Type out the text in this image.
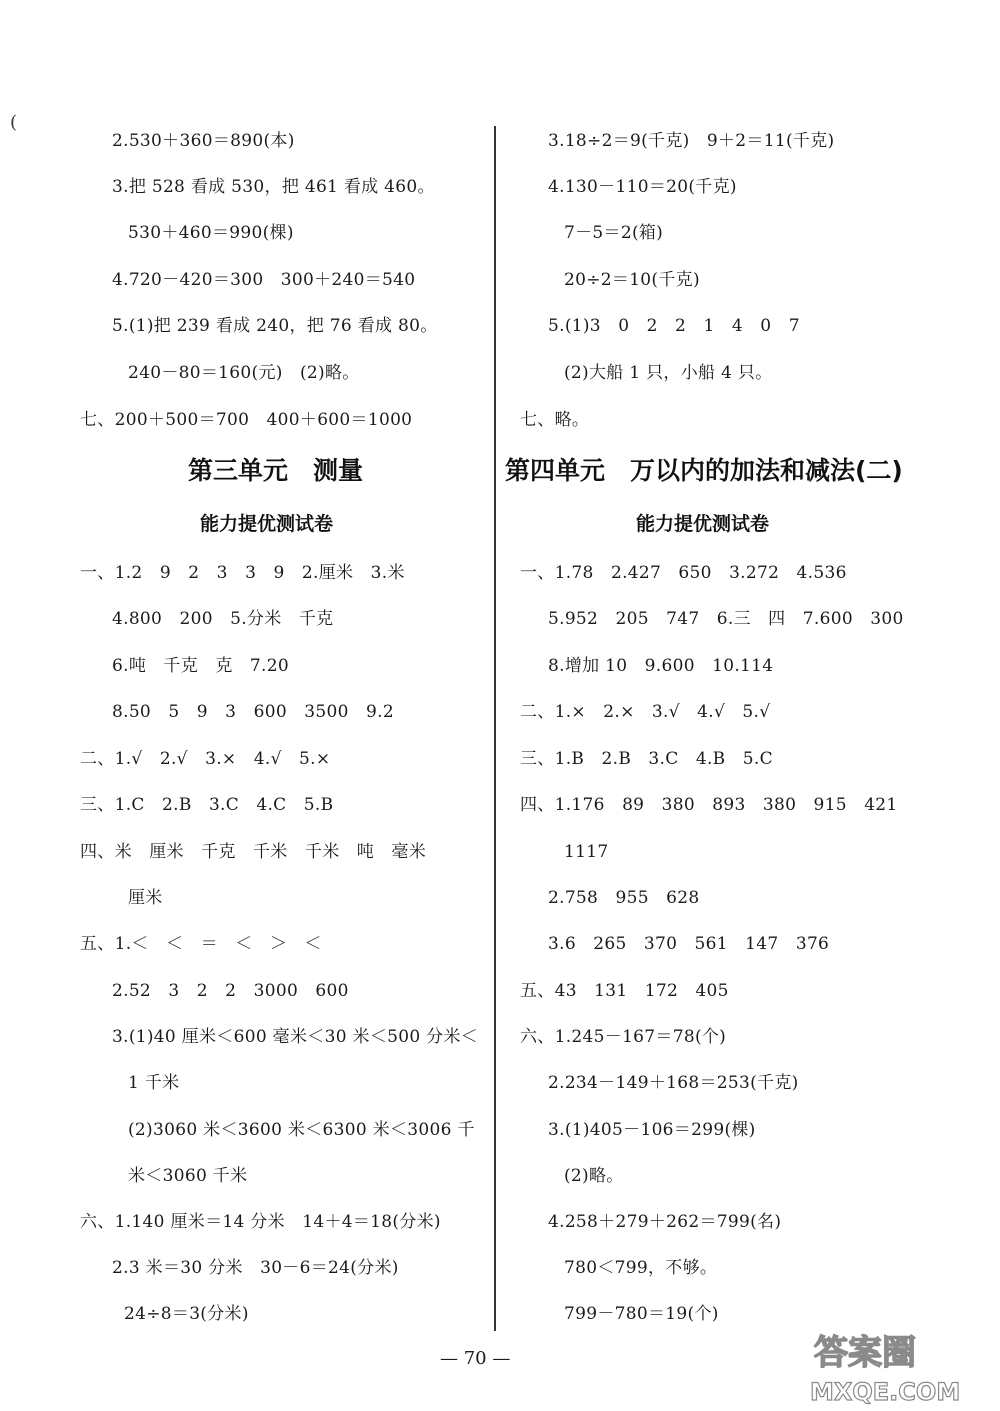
(
2.530＋360＝890(本)
3.把 528 看成 530，把 461 看成 460。
530＋460＝990(棵)
4.720－420＝300　300＋240＝540
5.(1)把 239 看成 240，把 76 看成 80。
240－80＝160(元)　(2)略。
七、200＋500＝700　400＋600＝1000
第三单元　测量
能力提优测试卷
一、1.2　9　2　3　3　9　2.厘米　3.米
4.800　200　5.分米　千克
6.吨　千克　克　7.20
8.50　5　9　3　600　3500　9.2
二、1.√　2.√　3.×　4.√　5.×
三、1.C　2.B　3.C　4.C　5.B
四、米　厘米　千克　千米　千米　吨　毫米
厘米
五、1.＜　＜　＝　＜　＞　＜
2.52　3　2　2　3000　600
3.(1)40 厘米＜600 毫米＜30 米＜500 分米＜
1 千米
(2)3060 米＜3600 米＜6300 米＜3006 千
米＜3060 千米
六、1.140 厘米＝14 分米　14＋4＝18(分米)
2.3 米＝30 分米　30－6＝24(分米)
24÷8＝3(分米)
3.18÷2＝9(千克)　9＋2＝11(千克)
4.130－110＝20(千克)
7－5＝2(箱)
20÷2＝10(千克)
5.(1)3　0　2　2　1　4　0　7
(2)大船 1 只，小船 4 只。
七、略。
第四单元　万以内的加法和减法(二)
能力提优测试卷
一、1.78　2.427　650　3.272　4.536
5.952　205　747　6.三　四　7.600　300
8.增加 10　9.600　10.114
二、1.×　2.×　3.√　4.√　5.√
三、1.B　2.B　3.C　4.B　5.C
四、1.176　89　380　893　380　915　421
1117
2.758　955　628
3.6　265　370　561　147　376
五、43　131　172　405
六、1.245－167＝78(个)
2.234－149＋168＝253(千克)
3.(1)405－106＝299(棵)
(2)略。
4.258＋279＋262＝799(名)
780＜799，不够。
799－780＝19(个)
— 70 —	答案圈
MXQE.COM
